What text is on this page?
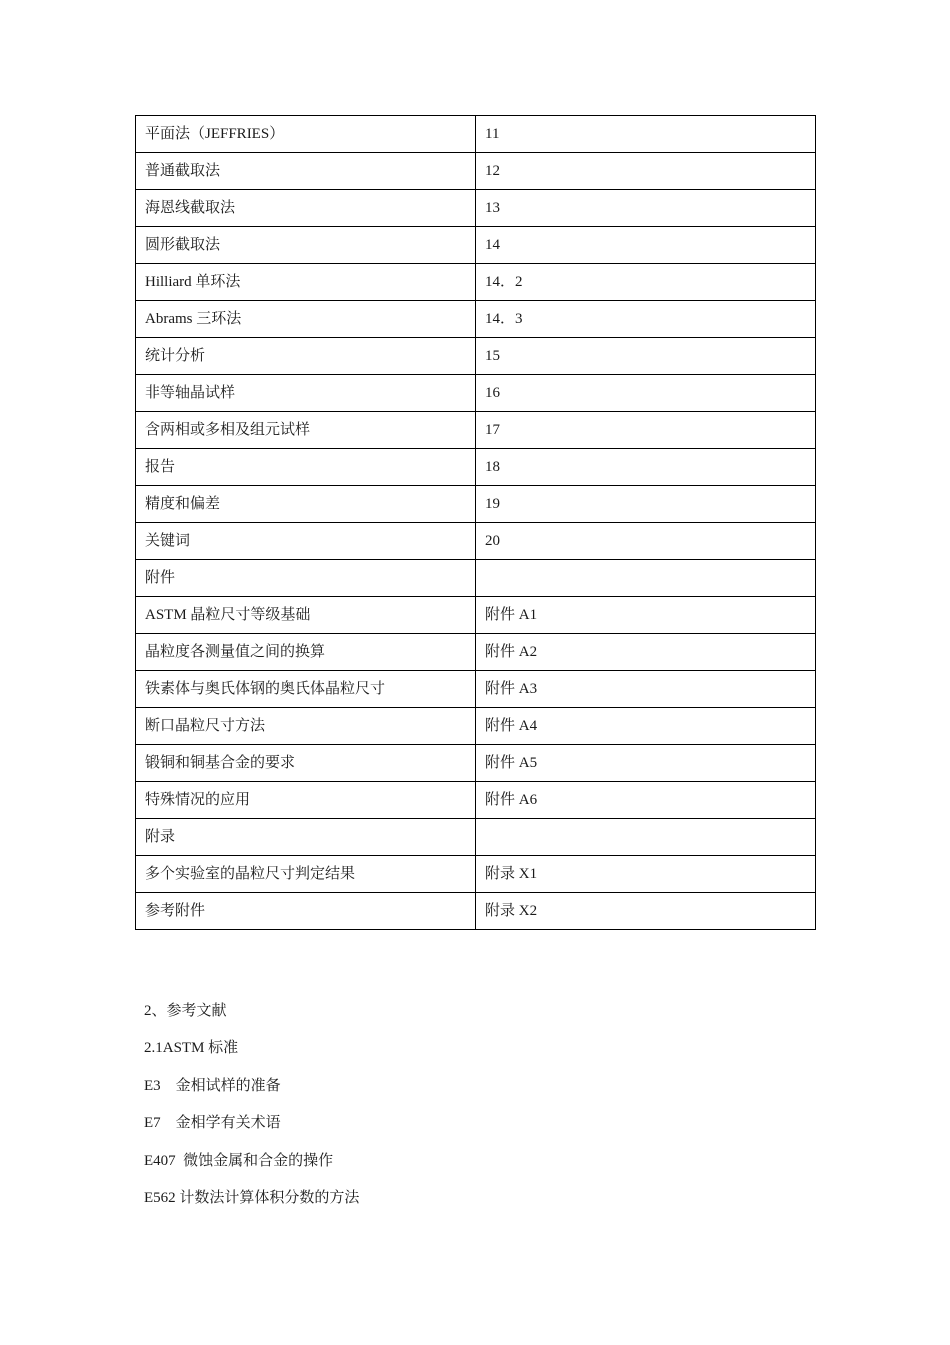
平面法（JEFFRIES）	11
普通截取法	12
海恩线截取法	13
圆形截取法	14
Hilliard 单环法	14．2
Abrams 三环法	14．3
统计分析	15
非等轴晶试样	16
含两相或多相及组元试样	17
报告	18
精度和偏差	19
关键词	20
附件	
ASTM 晶粒尺寸等级基础	附件 A1
晶粒度各测量值之间的换算	附件 A2
铁素体与奥氏体钢的奥氏体晶粒尺寸	附件 A3
断口晶粒尺寸方法	附件 A4
锻铜和铜基合金的要求	附件 A5
特殊情况的应用	附件 A6
附录	
多个实验室的晶粒尺寸判定结果	附录 X1
参考附件	附录 X2
2、参考文献
2.1ASTM 标准
E3    金相试样的准备
E7    金相学有关术语
E407  微蚀金属和合金的操作
E562 计数法计算体积分数的方法
